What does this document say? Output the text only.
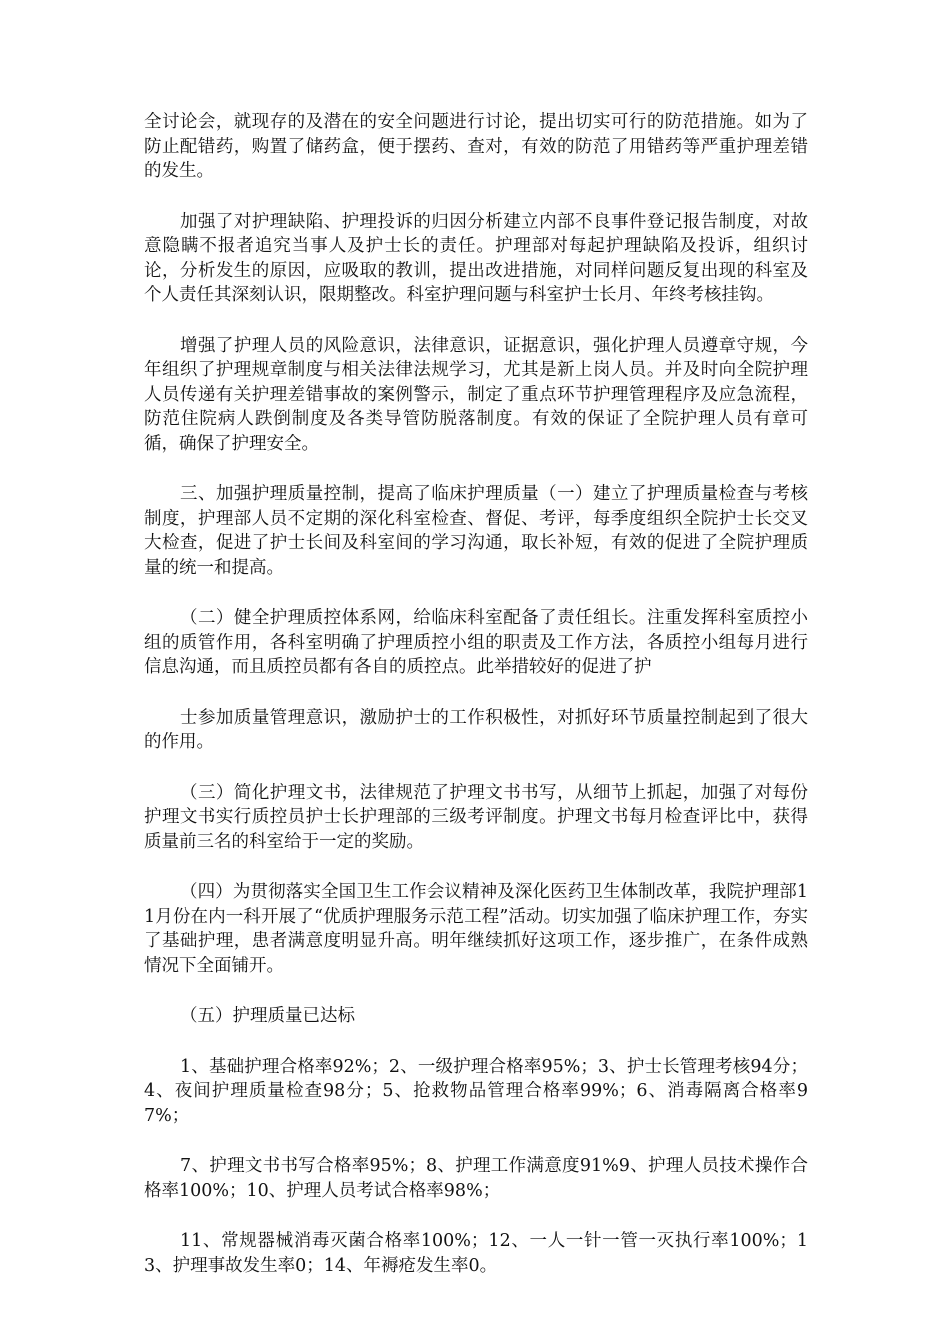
全讨论会，就现存的及潜在的安全问题进行讨论，提出切实可行的防范措施。如为了防止配错药，购置了储药盒，便于摆药、查对，有效的防范了用错药等严重护理差错的发生。

加强了对护理缺陷、护理投诉的归因分析建立内部不良事件登记报告制度，对故意隐瞒不报者追究当事人及护士长的责任。护理部对每起护理缺陷及投诉，组织讨论，分析发生的原因，应吸取的教训，提出改进措施，对同样问题反复出现的科室及个人责任其深刻认识，限期整改。科室护理问题与科室护士长月、年终考核挂钩。

增强了护理人员的风险意识，法律意识，证据意识，强化护理人员遵章守规，今年组织了护理规章制度与相关法律法规学习，尤其是新上岗人员。并及时向全院护理人员传递有关护理差错事故的案例警示，制定了重点环节护理管理程序及应急流程，防范住院病人跌倒制度及各类导管防脱落制度。有效的保证了全院护理人员有章可循，确保了护理安全。

三、加强护理质量控制，提高了临床护理质量（一）建立了护理质量检查与考核制度，护理部人员不定期的深化科室检查、督促、考评，每季度组织全院护士长交叉大检查，促进了护士长间及科室间的学习沟通，取长补短，有效的促进了全院护理质量的统一和提高。

（二）健全护理质控体系网，给临床科室配备了责任组长。注重发挥科室质控小组的质管作用，各科室明确了护理质控小组的职责及工作方法，各质控小组每月进行信息沟通，而且质控员都有各自的质控点。此举措较好的促进了护

士参加质量管理意识，激励护士的工作积极性，对抓好环节质量控制起到了很大的作用。

（三）简化护理文书，法律规范了护理文书书写，从细节上抓起，加强了对每份护理文书实行质控员护士长护理部的三级考评制度。护理文书每月检查评比中，获得质量前三名的科室给于一定的奖励。

（四）为贯彻落实全国卫生工作会议精神及深化医药卫生体制改革，我院护理部11月份在内一科开展了“优质护理服务示范工程”活动。切实加强了临床护理工作，夯实了基础护理，患者满意度明显升高。明年继续抓好这项工作，逐步推广，在条件成熟情况下全面铺开。

（五）护理质量已达标

1、基础护理合格率92%；2、一级护理合格率95%；3、护士长管理考核94分；4、夜间护理质量检查98分；5、抢救物品管理合格率99%；6、消毒隔离合格率97%；

7、护理文书书写合格率95%；8、护理工作满意度91%9、护理人员技术操作合格率100%；10、护理人员考试合格率98%；

11、常规器械消毒灭菌合格率100%；12、一人一针一管一灭执行率100%；13、护理事故发生率0；14、年褥疮发生率0。
